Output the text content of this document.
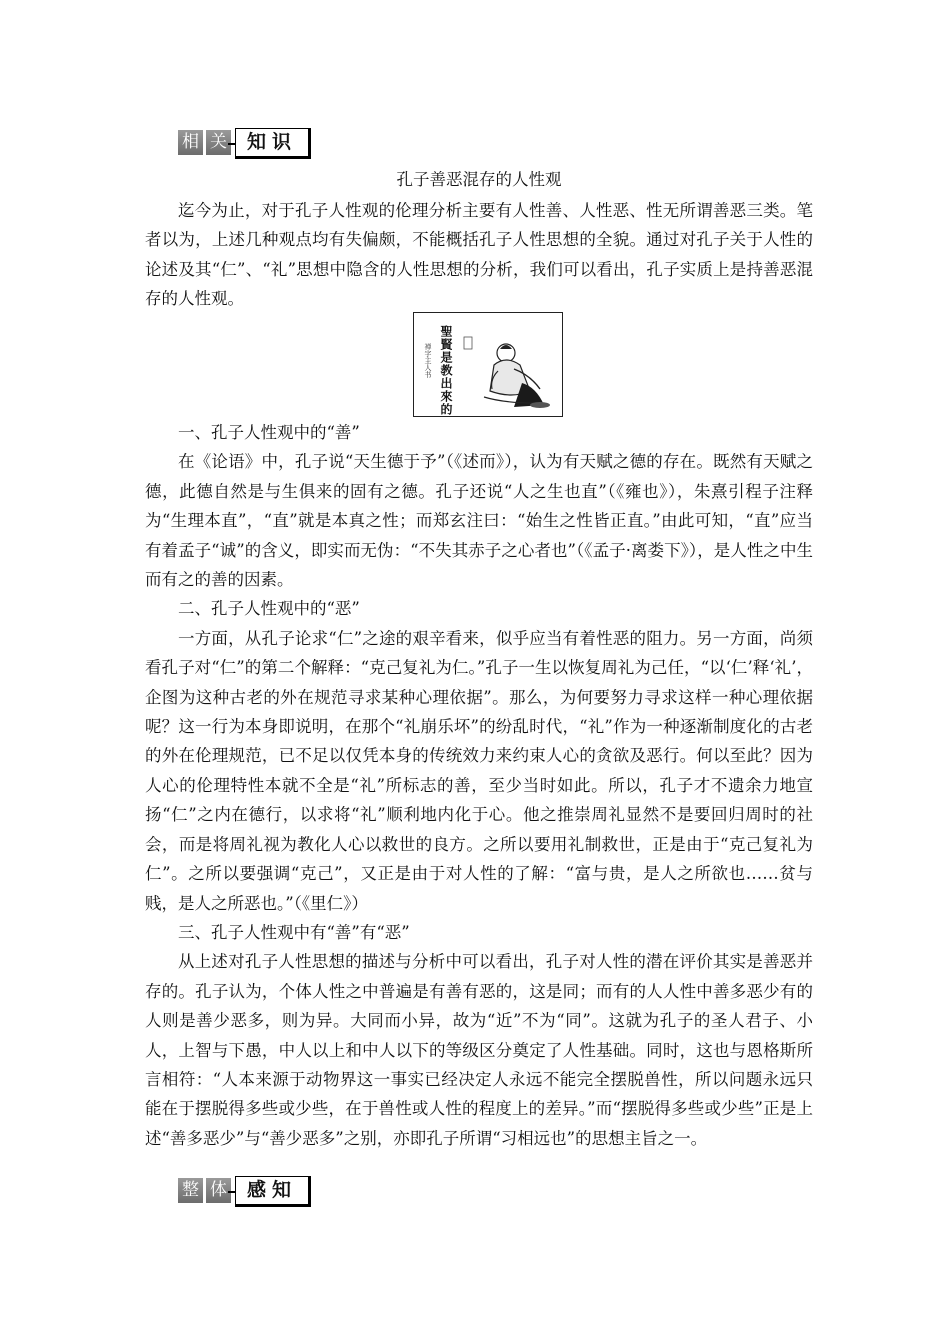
相 关	知识
孔子善恶混存的人性观

迄今为止，对于孔子人性观的伦理分析主要有人性善、人性恶、性无所谓善恶三类。笔者以为，上述几种观点均有失偏颇，不能概括孔子人性思想的全貌。通过对孔子关于人性的论述及其“仁”、“礼”思想中隐含的人性思想的分析，我们可以看出，孔子实质上是持善恶混存的人性观。

聖賢是教出來的
禅字主人书

一、孔子人性观中的“善”

在《论语》中，孔子说“天生德于予”（《述而》），认为有天赋之德的存在。既然有天赋之德，此德自然是与生俱来的固有之德。孔子还说“人之生也直”（《雍也》），朱熹引程子注释为“生理本直”，“直”就是本真之性；而郑玄注曰：“始生之性皆正直。”由此可知，“直”应当有着孟子“诚”的含义，即实而无伪：“不失其赤子之心者也”（《孟子·离娄下》），是人性之中生而有之的善的因素。

二、孔子人性观中的“恶”

一方面，从孔子论求“仁”之途的艰辛看来，似乎应当有着性恶的阻力。另一方面，尚须看孔子对“仁”的第二个解释：“克己复礼为仁。”孔子一生以恢复周礼为己任，“以‘仁’释‘礼’，企图为这种古老的外在规范寻求某种心理依据”。那么，为何要努力寻求这样一种心理依据呢？这一行为本身即说明，在那个“礼崩乐坏”的纷乱时代，“礼”作为一种逐渐制度化的古老的外在伦理规范，已不足以仅凭本身的传统效力来约束人心的贪欲及恶行。何以至此？因为人心的伦理特性本就不全是“礼”所标志的善，至少当时如此。所以，孔子才不遗余力地宣扬“仁”之内在德行，以求将“礼”顺利地内化于心。他之推崇周礼显然不是要回归周时的社会，而是将周礼视为教化人心以救世的良方。之所以要用礼制救世，正是由于“克己复礼为仁”。之所以要强调“克己”，又正是由于对人性的了解：“富与贵，是人之所欲也……贫与贱，是人之所恶也。”（《里仁》）

三、孔子人性观中有“善”有“恶”

从上述对孔子人性思想的描述与分析中可以看出，孔子对人性的潜在评价其实是善恶并存的。孔子认为，个体人性之中普遍是有善有恶的，这是同；而有的人人性中善多恶少有的人则是善少恶多，则为异。大同而小异，故为“近”不为“同”。这就为孔子的圣人君子、小人，上智与下愚，中人以上和中人以下的等级区分奠定了人性基础。同时，这也与恩格斯所言相符：“人本来源于动物界这一事实已经决定人永远不能完全摆脱兽性，所以问题永远只能在于摆脱得多些或少些，在于兽性或人性的程度上的差异。”而“摆脱得多些或少些”正是上述“善多恶少”与“善少恶多”之别，亦即孔子所谓“习相远也”的思想主旨之一。

整 体	感知
